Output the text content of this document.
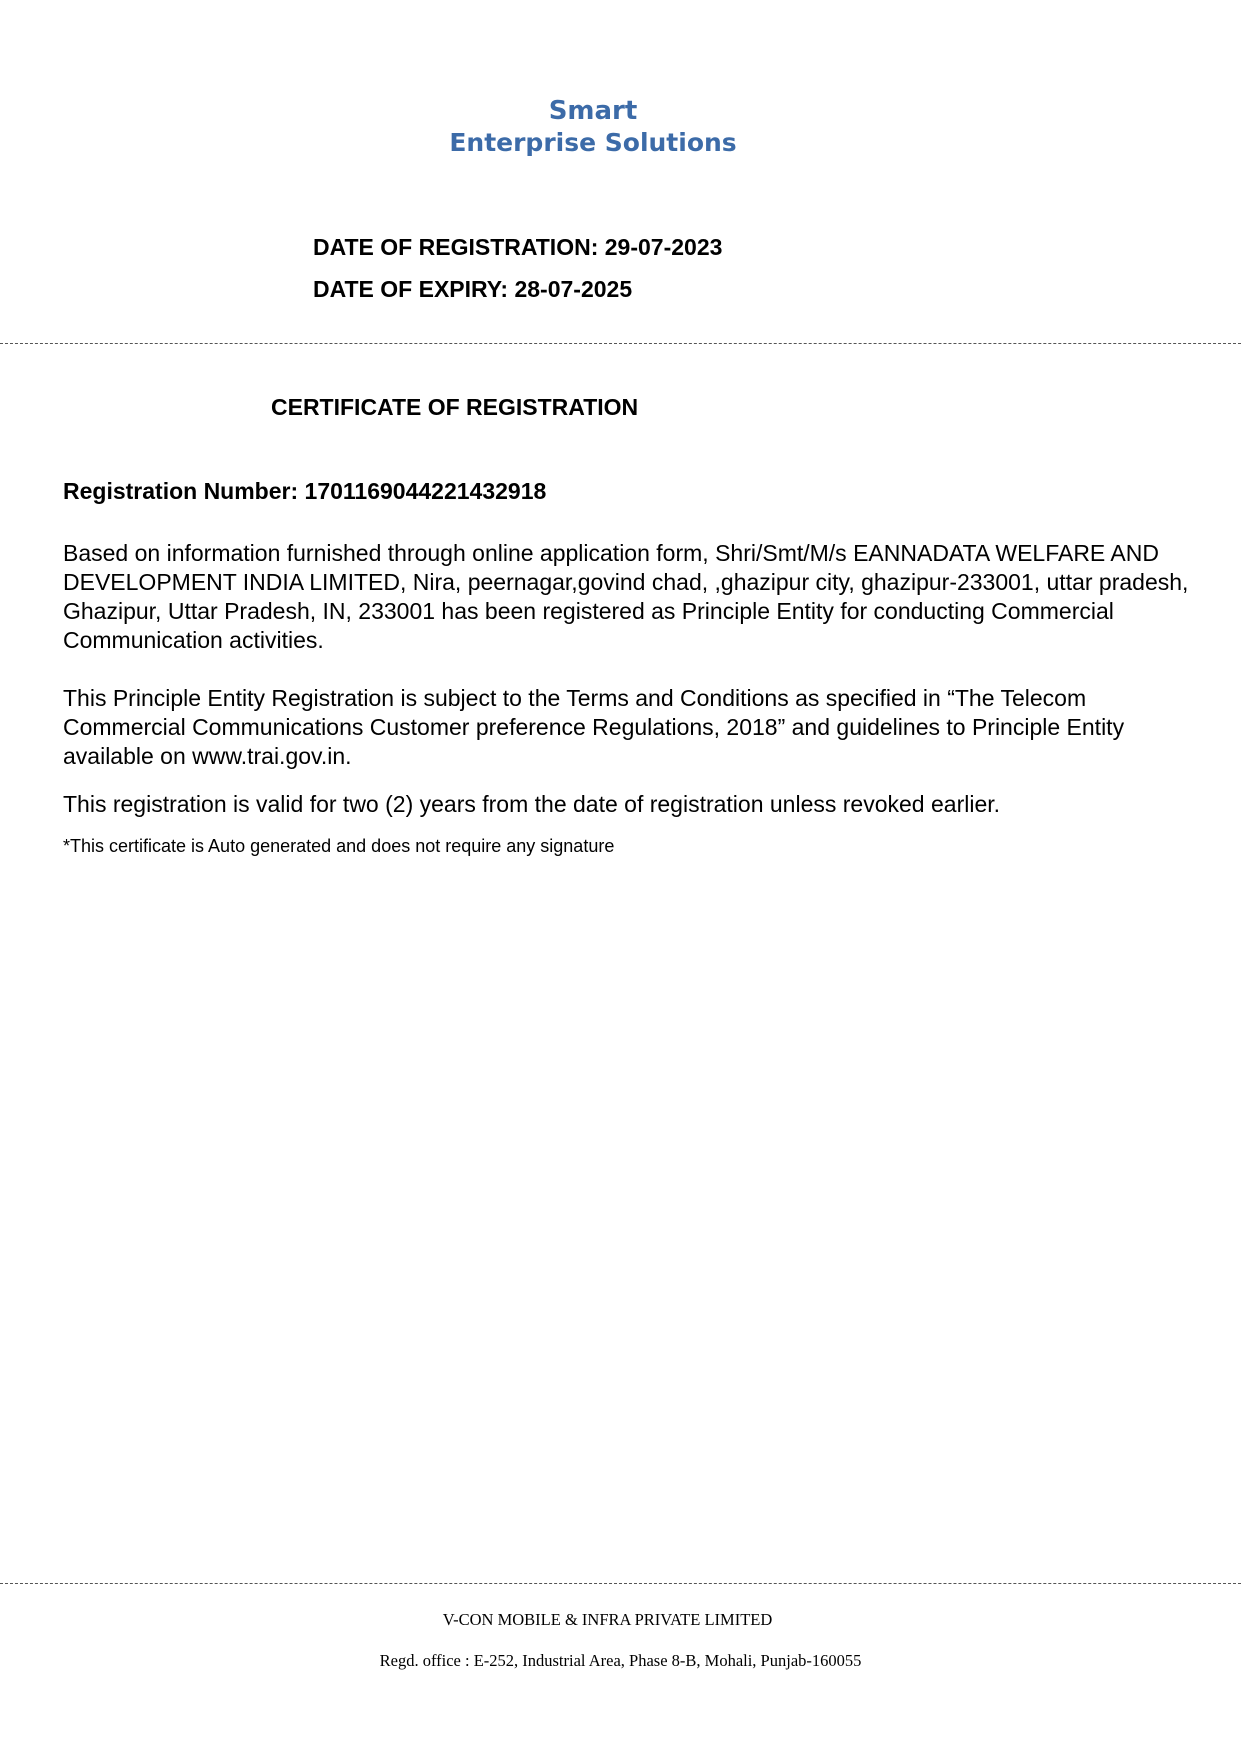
Smart
Enterprise Solutions
DATE OF REGISTRATION: 29-07-2023
DATE OF EXPIRY: 28-07-2025
CERTIFICATE OF REGISTRATION
Registration Number: 1701169044221432918

Based on information furnished through online application form, Shri/Smt/M/s EANNADATA WELFARE AND DEVELOPMENT INDIA LIMITED, Nira, peernagar,govind chad, ,ghazipur city, ghazipur-233001, uttar pradesh, Ghazipur, Uttar Pradesh, IN, 233001 has been registered as Principle Entity for conducting Commercial Communication activities.

This Principle Entity Registration is subject to the Terms and Conditions as specified in “The Telecom Commercial Communications Customer preference Regulations, 2018” and guidelines to Principle Entity available on www.trai.gov.in.

This registration is valid for two (2) years from the date of registration unless revoked earlier.

*This certificate is Auto generated and does not require any signature

V-CON MOBILE & INFRA PRIVATE LIMITED
Regd. office : E-252, Industrial Area, Phase 8-B, Mohali, Punjab-160055
